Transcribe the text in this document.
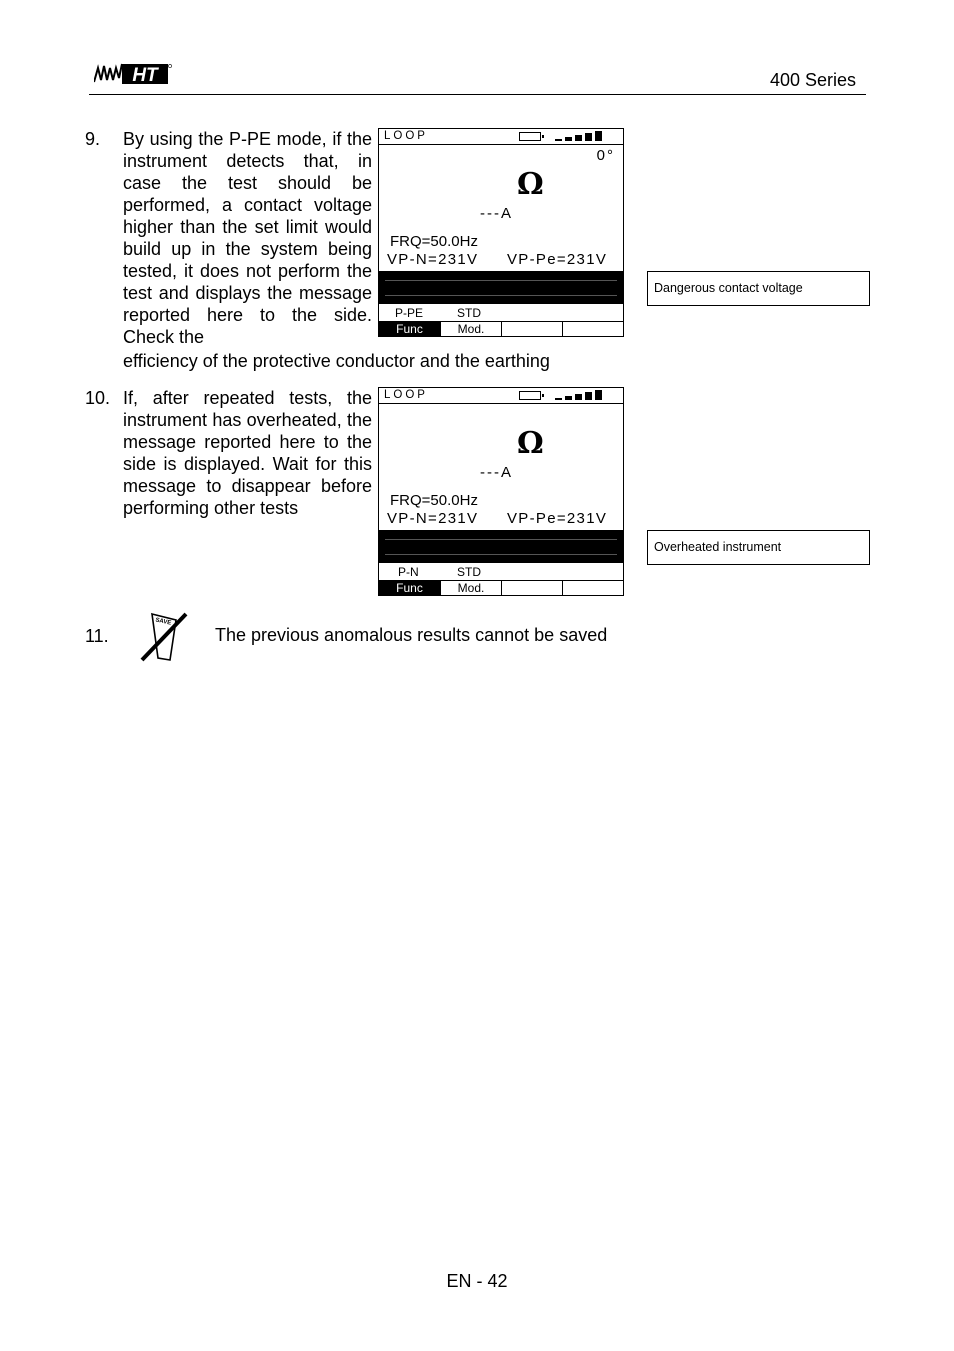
HT	400 Series
9. By using the P-PE mode, if the instrument detects that, in case the test should be performed, a contact voltage higher than the set limit would build up in the system being tested, it does not perform the test and displays the message reported here to the side. Check the
efficiency of the protective conductor and the earthing
LOOP
0°
Ω
---A
FRQ=50.0Hz
VP-N=231V VP-Pe=231V
P-PE	STD
Func	Mod.
Dangerous contact voltage
10. If, after repeated tests, the instrument has overheated, the message reported here to the side is displayed. Wait for this message to disappear before performing other tests
LOOP
Ω
---A
FRQ=50.0Hz
VP-N=231V VP-Pe=231V
P-N	STD
Func	Mod.
Overheated instrument
11.
SAVE
The previous anomalous results cannot be saved
EN - 42
